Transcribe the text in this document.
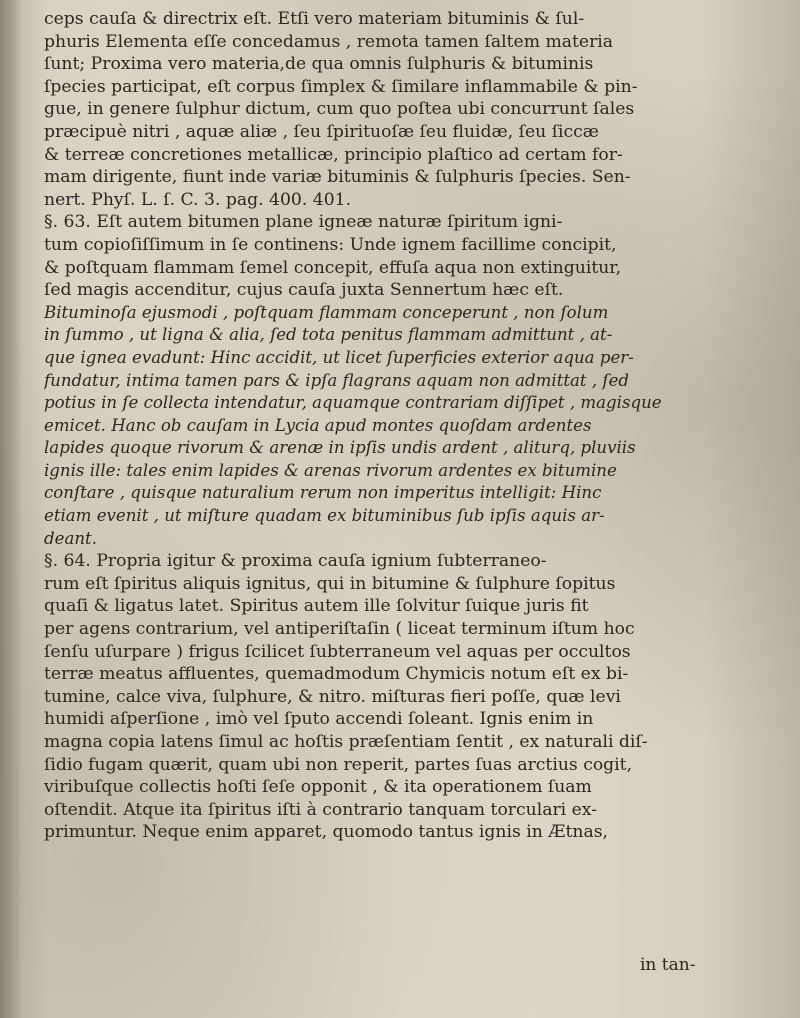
ceps cauſa & directrix eſt. Etſi vero materiam bituminis & ſul-
phuris Elementa eſſe concedamus , remota tamen ſaltem materia
ſunt; Proxima vero materia,de qua omnis ſulphuris & bituminis
ſpecies participat, eſt corpus ſimplex & ſimilare inflammabile & pin-
gue, in genere ſulphur dictum, cum quo poſtea ubi concurrunt ſales
præcipuè nitri , aquæ aliæ , ſeu ſpirituoſæ ſeu fluidæ, ſeu ſiccæ
& terreæ concretiones metallicæ, principio plaſtico ad certam for-
mam dirigente, fiunt inde variæ bituminis & ſulphuris ſpecies. Sen-
nert. Phyſ. L. ſ. C. 3. pag. 400. 401.
§. 63. Eſt autem bitumen plane igneæ naturæ ſpiritum igni-
tum copioſiſſimum in ſe continens: Unde ignem facillime concipit,
& poſtquam flammam ſemel concepit, effuſa aqua non extinguitur,
ſed magis accenditur, cujus cauſa juxta Sennertum hæc eſt.
Bituminoſa ejusmodi , poſtquam flammam conceperunt , non ſolum
in ſummo , ut ligna & alia, ſed tota penitus flammam admittunt , at-
que ignea evadunt: Hinc accidit, ut licet ſuperficies exterior aqua per-
fundatur, intima tamen pars & ipſa flagrans aquam non admittat , ſed
potius in ſe collecta intendatur, aquamque contrariam diſſipet , magisque
emicet. Hanc ob cauſam in Lycia apud montes quoſdam ardentes
lapides quoque rivorum & arenæ in ipſis undis ardent , aliturq, pluviis
ignis ille: tales enim lapides & arenas rivorum ardentes ex bitumine
conſtare , quisque naturalium rerum non imperitus intelligit: Hinc
etiam evenit , ut miſture quadam ex bituminibus ſub ipſis aquis ar-
deant.
§. 64. Propria igitur & proxima cauſa ignium ſubterraneo-
rum eſt ſpiritus aliquis ignitus, qui in bitumine & ſulphure ſopitus
quaſi & ligatus latet. Spiritus autem ille ſolvitur ſuique juris fit
per agens contrarium, vel antiperiſtaſin ( liceat terminum iſtum hoc
ſenſu uſurpare ) frigus ſcilicet ſubterraneum vel aquas per occultos
terræ meatus affluentes, quemadmodum Chymicis notum eſt ex bi-
tumine, calce viva, ſulphure, & nitro. miſturas fieri poſſe, quæ levi
humidi aſperſione , imò vel ſputo accendi ſoleant. Ignis enim in
magna copia latens ſimul ac hoſtis præſentiam ſentit , ex naturali diſ-
ſidio fugam quærit, quam ubi non reperit, partes ſuas arctius cogit,
viribuſque collectis hoſti ſeſe opponit , & ita operationem ſuam
oſtendit. Atque ita ſpiritus iſti à contrario tanquam torculari ex-
primuntur. Neque enim apparet, quomodo tantus ignis in Ætnas,
in tan-
